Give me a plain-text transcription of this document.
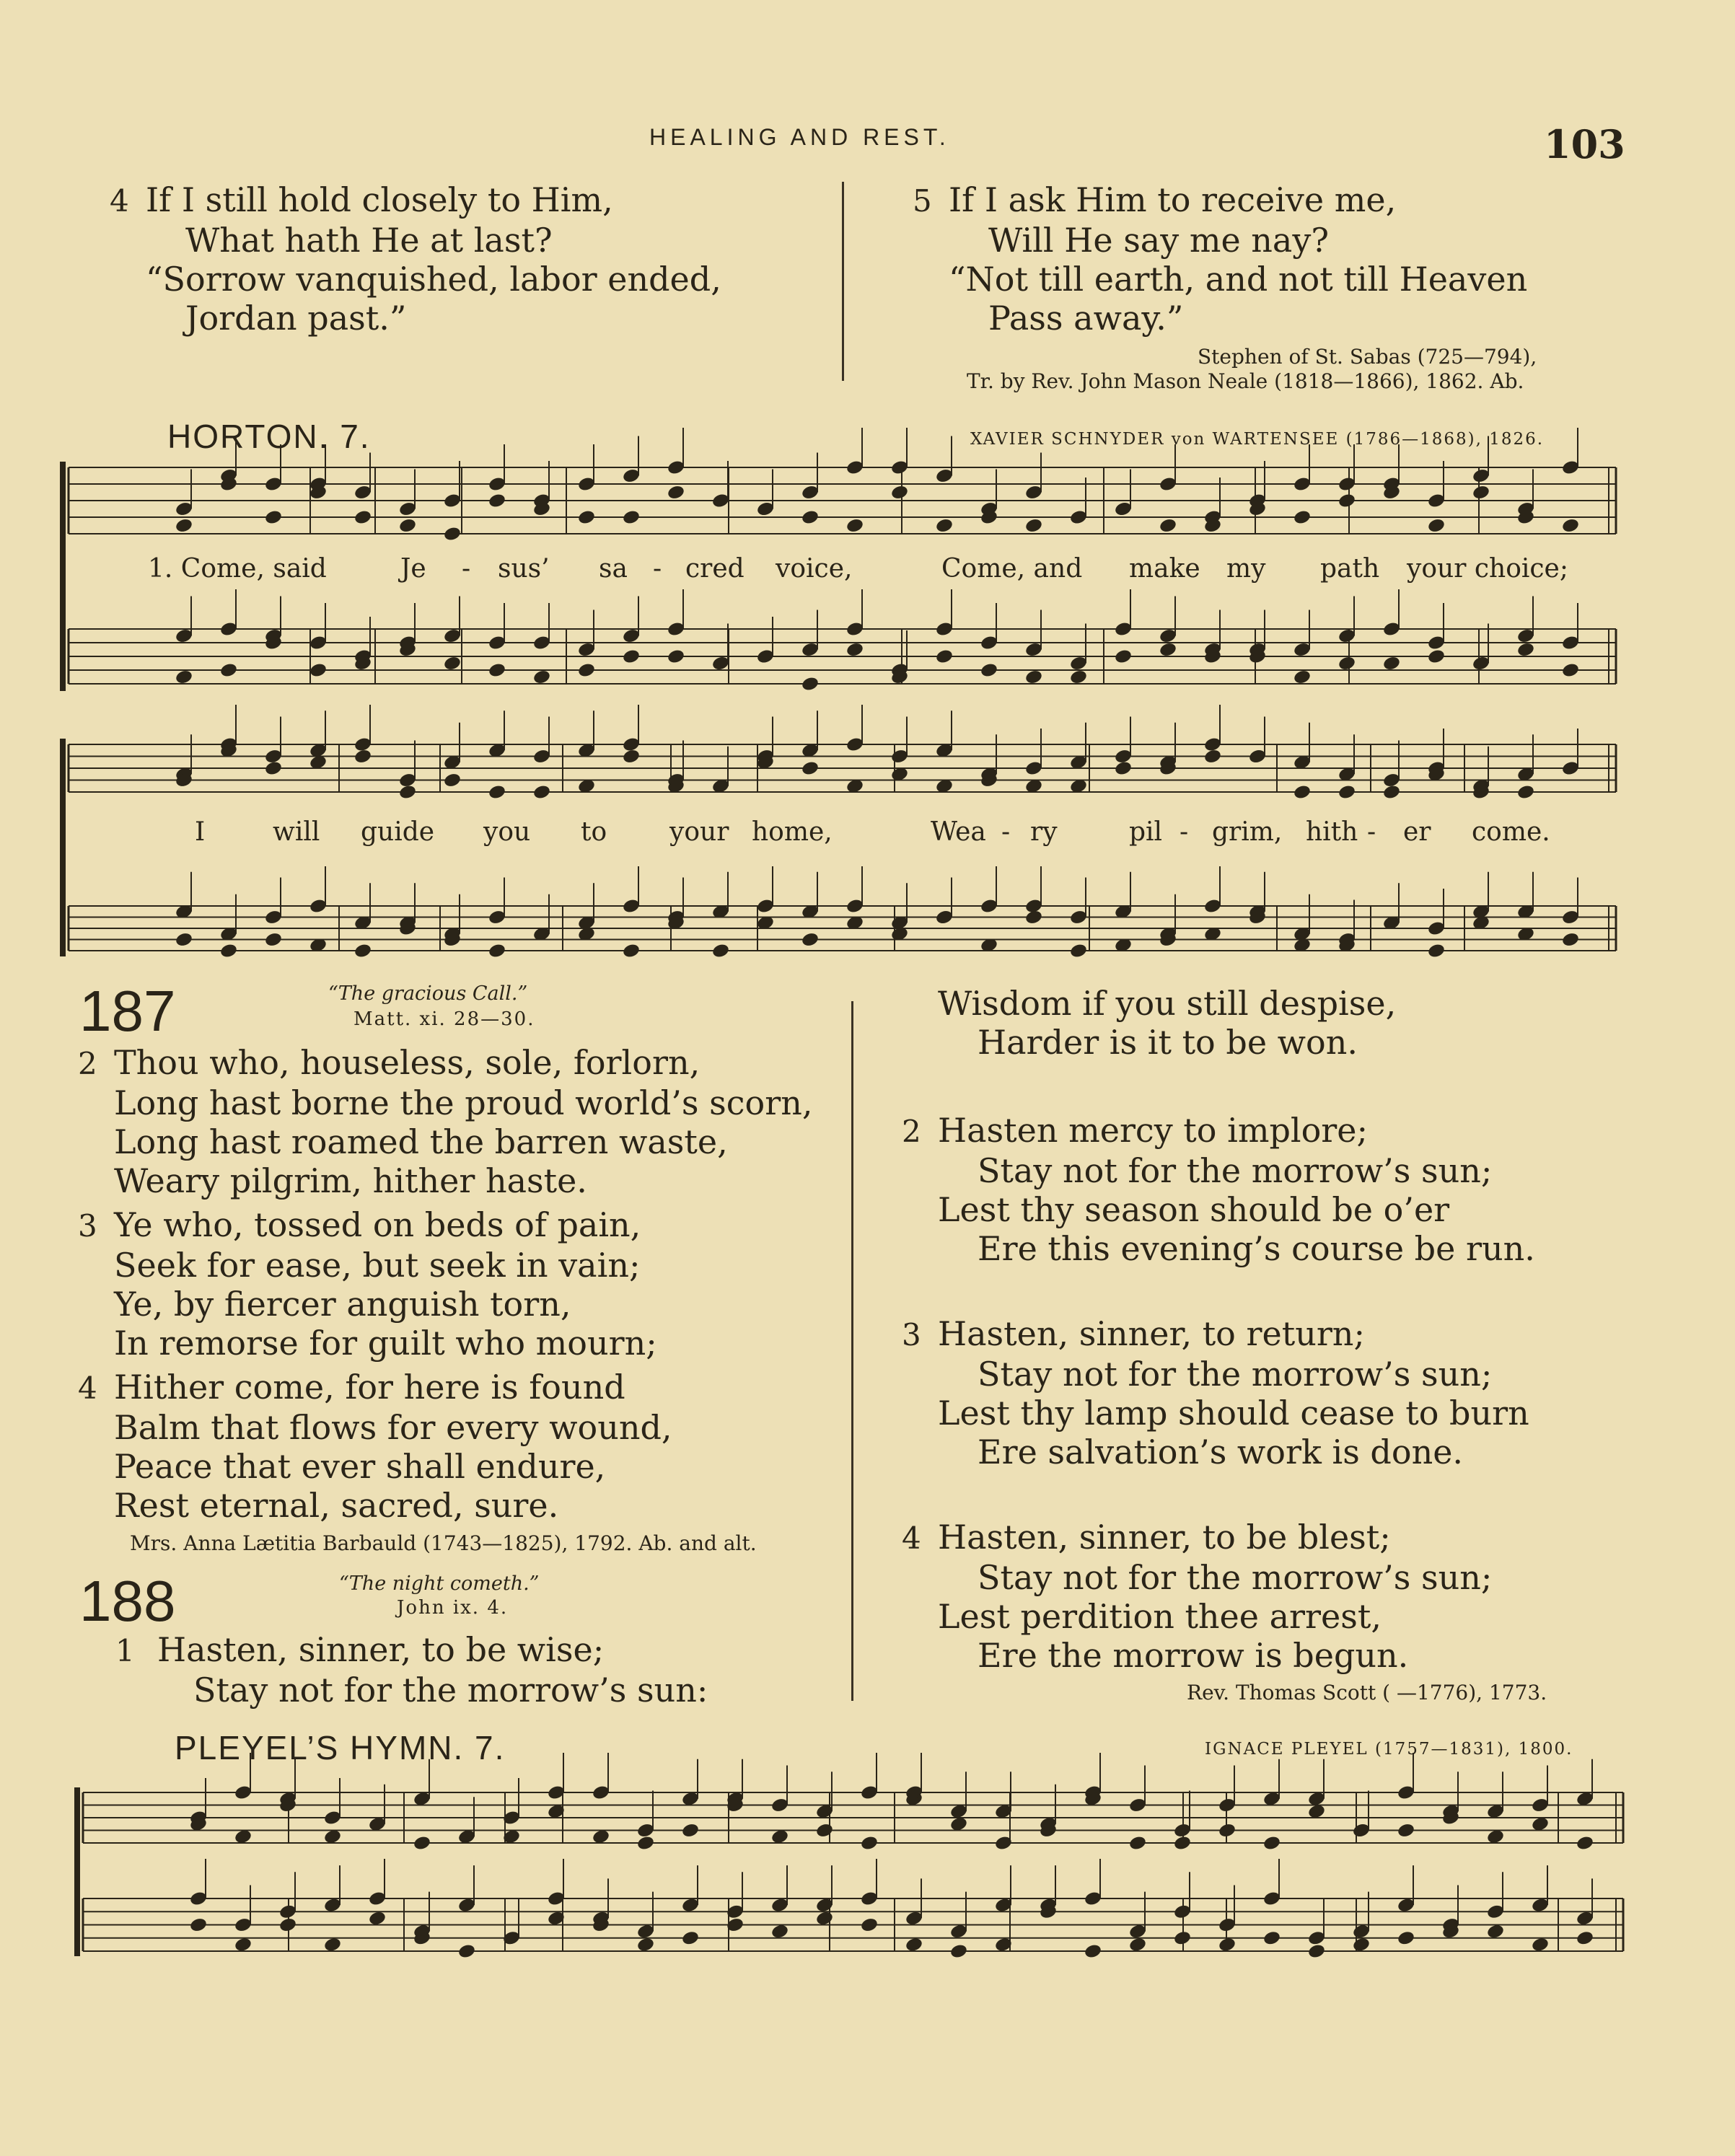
HEALING AND REST.	103
4 If I still hold closely to Him,
What hath He at last?
“Sorrow vanquished, labor ended,
Jordan past.”
5 If I ask Him to receive me,
Will He say me nay?
“Not till earth, and not till Heaven
Pass away.”
Stephen of St. Sabas (725—794),
Tr. by Rev. John Mason Neale (1818—1866), 1862. Ab.
HORTON. 7.	XAVIER SCHNYDER von WARTENSEE (1786—1868), 1826.
1. Come, said	Je - sus’ sa - cred voice,	Come, and make my path your choice;
I	will guide you to your home,	Wea - ry	pil - grim, hith - er come.
187	“The gracious Call.”
Matt. xi. 28—30.
2 Thou who, houseless, sole, forlorn,
Long hast borne the proud world’s scorn,
Long hast roamed the barren waste,
Weary pilgrim, hither haste.
3 Ye who, tossed on beds of pain,
Seek for ease, but seek in vain;
Ye, by fiercer anguish torn,
In remorse for guilt who mourn;
4 Hither come, for here is found
Balm that flows for every wound,
Peace that ever shall endure,
Rest eternal, sacred, sure.
Mrs. Anna Lætitia Barbauld (1743—1825), 1792. Ab. and alt.
188	“The night cometh.”
John ix. 4.
1 Hasten, sinner, to be wise;
Stay not for the morrow’s sun:
Wisdom if you still despise,
Harder is it to be won.
2 Hasten mercy to implore;
Stay not for the morrow’s sun;
Lest thy season should be o’er
Ere this evening’s course be run.
3 Hasten, sinner, to return;
Stay not for the morrow’s sun;
Lest thy lamp should cease to burn
Ere salvation’s work is done.
4 Hasten, sinner, to be blest;
Stay not for the morrow’s sun;
Lest perdition thee arrest,
Ere the morrow is begun.
Rev. Thomas Scott ( —1776), 1773.
PLEYEL’S HYMN. 7.	IGNACE PLEYEL (1757—1831), 1800.
